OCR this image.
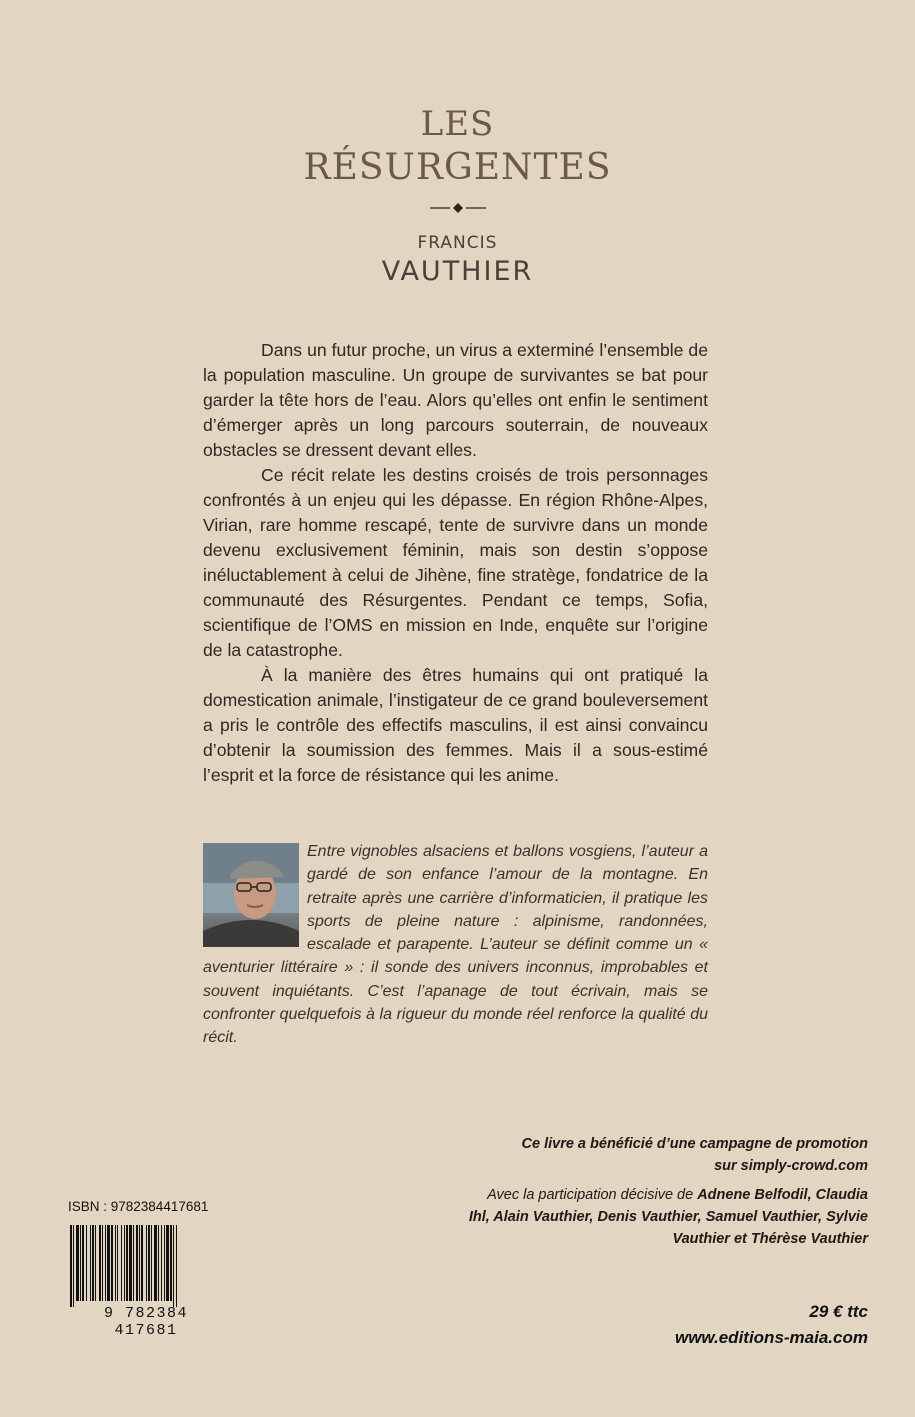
LES
RÉSURGENTES
FRANCIS
VAUTHIER

Dans un futur proche, un virus a exterminé l’ensemble de la population masculine. Un groupe de survivantes se bat pour garder la tête hors de l’eau. Alors qu’elles ont enfin le sentiment d’émerger après un long parcours souterrain, de nouveaux obstacles se dressent devant elles.

Ce récit relate les destins croisés de trois personnages confrontés à un enjeu qui les dépasse. En région Rhône-Alpes, Virian, rare homme rescapé, tente de survivre dans un monde devenu exclusivement féminin, mais son destin s’oppose inéluctablement à celui de Jihène, fine stratège, fondatrice de la communauté des Résurgentes. Pendant ce temps, Sofia, scientifique de l’OMS en mission en Inde, enquête sur l’origine de la catastrophe.

À la manière des êtres humains qui ont pratiqué la domestication animale, l’instigateur de ce grand bouleversement a pris le contrôle des effectifs masculins, il est ainsi convaincu d’obtenir la soumission des femmes. Mais il a sous-estimé l’esprit et la force de résistance qui les anime.

Entre vignobles alsaciens et ballons vosgiens, l’auteur a gardé de son enfance l’amour de la montagne. En retraite après une carrière d’informaticien, il pratique les sports de pleine nature : alpinisme, randonnées, escalade et parapente. L’auteur se définit comme un « aventurier littéraire » : il sonde des univers inconnus, improbables et souvent inquiétants. C’est l’apanage de tout écrivain, mais se confronter quelquefois à la rigueur du monde réel renforce la qualité du récit.
Ce livre a bénéficié d’une campagne de promotion
sur simply-crowd.com
Avec la participation décisive de Adnene Belfodil, Claudia Ihl, Alain Vauthier, Denis Vauthier, Samuel Vauthier, Sylvie Vauthier et Thérèse Vauthier
ISBN : 9782384417681
9 782384 417681
29 € ttc
www.editions-maia.com
